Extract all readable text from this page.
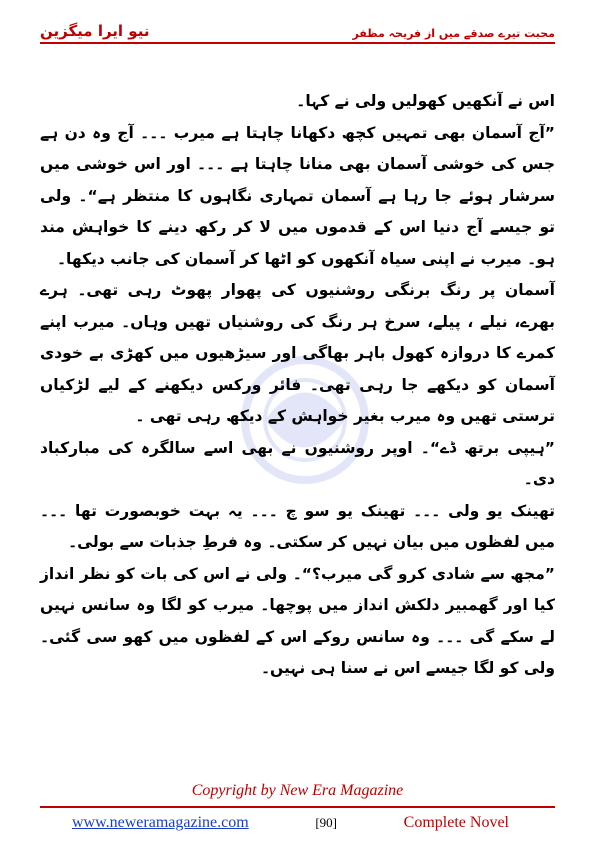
نیو ایرا میگزین	محبت تیرے صدقے میں از فریحہ مظفر

اس نے آنکھیں کھولیں ولی نے کہا۔

”آج آسمان بھی تمہیں کچھ دکھانا چاہتا ہے میرب ۔۔۔ آج وہ دن ہے جس کی خوشی آسمان بھی منانا چاہتا ہے ۔۔۔ اور اس خوشی میں سرشار ہوئے جا رہا ہے آسمان تمہاری نگاہوں کا منتظر ہے“۔ ولی تو جیسے آج دنیا اس کے قدموں میں لا کر رکھ دینے کا خواہش مند ہو۔ میرب نے اپنی سیاہ آنکھوں کو اٹھا کر آسمان کی جانب دیکھا۔

آسمان پر رنگ برنگی روشنیوں کی پھوار پھوٹ رہی تھی۔ ہرے بھرے، نیلے ، پیلے، سرخ ہر رنگ کی روشنیاں تھیں وہاں۔ میرب اپنے کمرے کا دروازہ کھول باہر بھاگی اور سیڑھیوں میں کھڑی بے خودی آسمان کو دیکھے جا رہی تھی۔ فائر ورکس دیکھنے کے لیے لڑکیاں ترستی تھیں وہ میرب بغیر خواہش کے دیکھ رہی تھی ۔

”ہیپی برتھ ڈے“۔ اوپر روشنیوں نے بھی اسے سالگرہ کی مبارکباد دی۔

تھینک یو ولی ۔۔۔ تھینک یو سو چ ۔۔۔ یہ بہت خوبصورت تھا ۔۔۔ میں لفظوں میں بیان نہیں کر سکتی۔ وہ فرطِ جذبات سے بولی۔

”مجھ سے شادی کرو گی میرب؟“۔ ولی نے اس کی بات کو نظر انداز کیا اور گھمبیر دلکش انداز میں پوچھا۔ میرب کو لگا وہ سانس نہیں لے سکے گی ۔۔۔ وہ سانس روکے اس کے لفظوں میں کھو سی گئی۔ ولی کو لگا جیسے اس نے سنا ہی نہیں۔

Copyright by New Era Magazine
www.neweramagazine.com	[90]	Complete Novel
